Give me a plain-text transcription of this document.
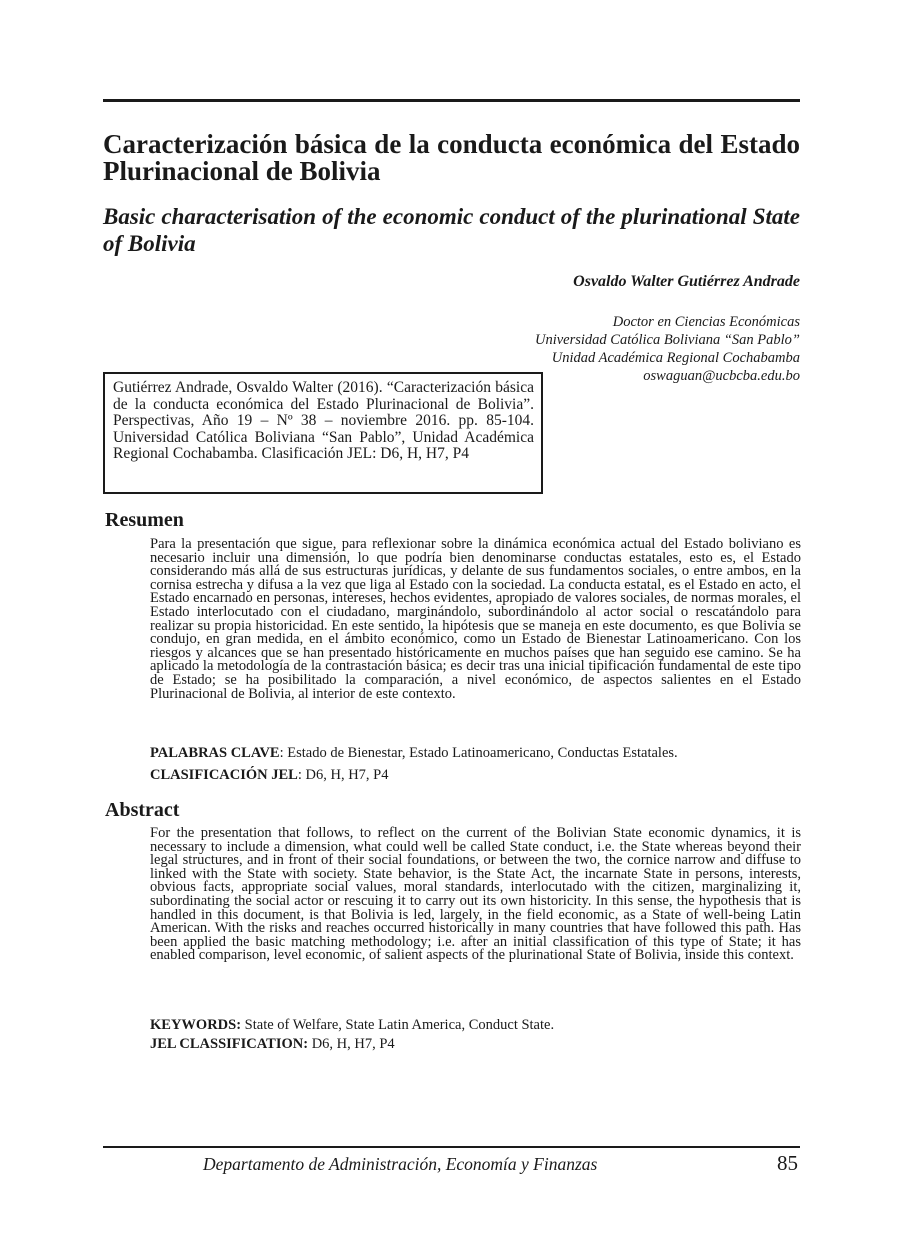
Caracterización básica de la conducta económica del Estado Plurinacional de Bolivia
Basic characterisation of the economic conduct of the plurinational State of Bolivia
Osvaldo Walter Gutiérrez Andrade
Doctor en Ciencias Económicas
Universidad Católica Boliviana “San Pablo”
Unidad Académica Regional Cochabamba
oswaguan@ucbcba.edu.bo
Gutiérrez Andrade, Osvaldo Walter (2016). “Caracterización básica de la conducta económica del Estado Plurinacional de Bolivia”. Perspectivas, Año 19 – Nº 38 – noviembre 2016. pp. 85-104. Universidad Católica Boliviana “San Pablo”, Unidad Académica Regional Cochabamba. Clasificación JEL: D6, H, H7, P4
Resumen

Para la presentación que sigue, para reflexionar sobre la dinámica económica actual del Estado boliviano es necesario incluir una dimensión, lo que podría bien denominarse conductas estatales, esto es, el Estado considerando más allá de sus estructuras jurídicas, y delante de sus fundamentos sociales, o entre ambos, en la cornisa estrecha y difusa a la vez que liga al Estado con la sociedad. La conducta estatal, es el Estado en acto, el Estado encarnado en personas, intereses, hechos evidentes, apropiado de valores sociales, de normas morales, el Estado interlocutado con el ciudadano, marginándolo, subordinándolo al actor social o rescatándolo para realizar su propia historicidad. En este sentido, la hipótesis que se maneja en este documento, es que Bolivia se condujo, en gran medida, en el ámbito económico, como un Estado de Bienestar Latinoamericano. Con los riesgos y alcances que se han presentado históricamente en muchos países que han seguido ese camino. Se ha aplicado la metodología de la contrastación básica; es decir tras una inicial tipificación fundamental de este tipo de Estado; se ha posibilitado la comparación, a nivel económico, de aspectos salientes en el Estado Plurinacional de Bolivia, al interior de este contexto.

PALABRAS CLAVE: Estado de Bienestar, Estado Latinoamericano, Conductas Estatales.
CLASIFICACIÓN JEL: D6, H, H7, P4
Abstract

For the presentation that follows, to reflect on the current of the Bolivian State economic dynamics, it is necessary to include a dimension, what could well be called State conduct, i.e. the State whereas beyond their legal structures, and in front of their social foundations, or between the two, the cornice narrow and diffuse to linked with the State with society. State behavior, is the State Act, the incarnate State in persons, interests, obvious facts, appropriate social values, moral standards, interlocutado with the citizen, marginalizing it, subordinating the social actor or rescuing it to carry out its own historicity. In this sense, the hypothesis that is handled in this document, is that Bolivia is led, largely, in the field economic, as a State of well-being Latin American. With the risks and reaches occurred historically in many countries that have followed this path. Has been applied the basic matching methodology; i.e. after an initial classification of this type of State; it has enabled comparison, level economic, of salient aspects of the plurinational State of Bolivia, inside this context.

KEYWORDS: State of Welfare, State Latin America, Conduct State.
JEL CLASSIFICATION: D6, H, H7, P4
Departamento de Administración, Economía y Finanzas	85
